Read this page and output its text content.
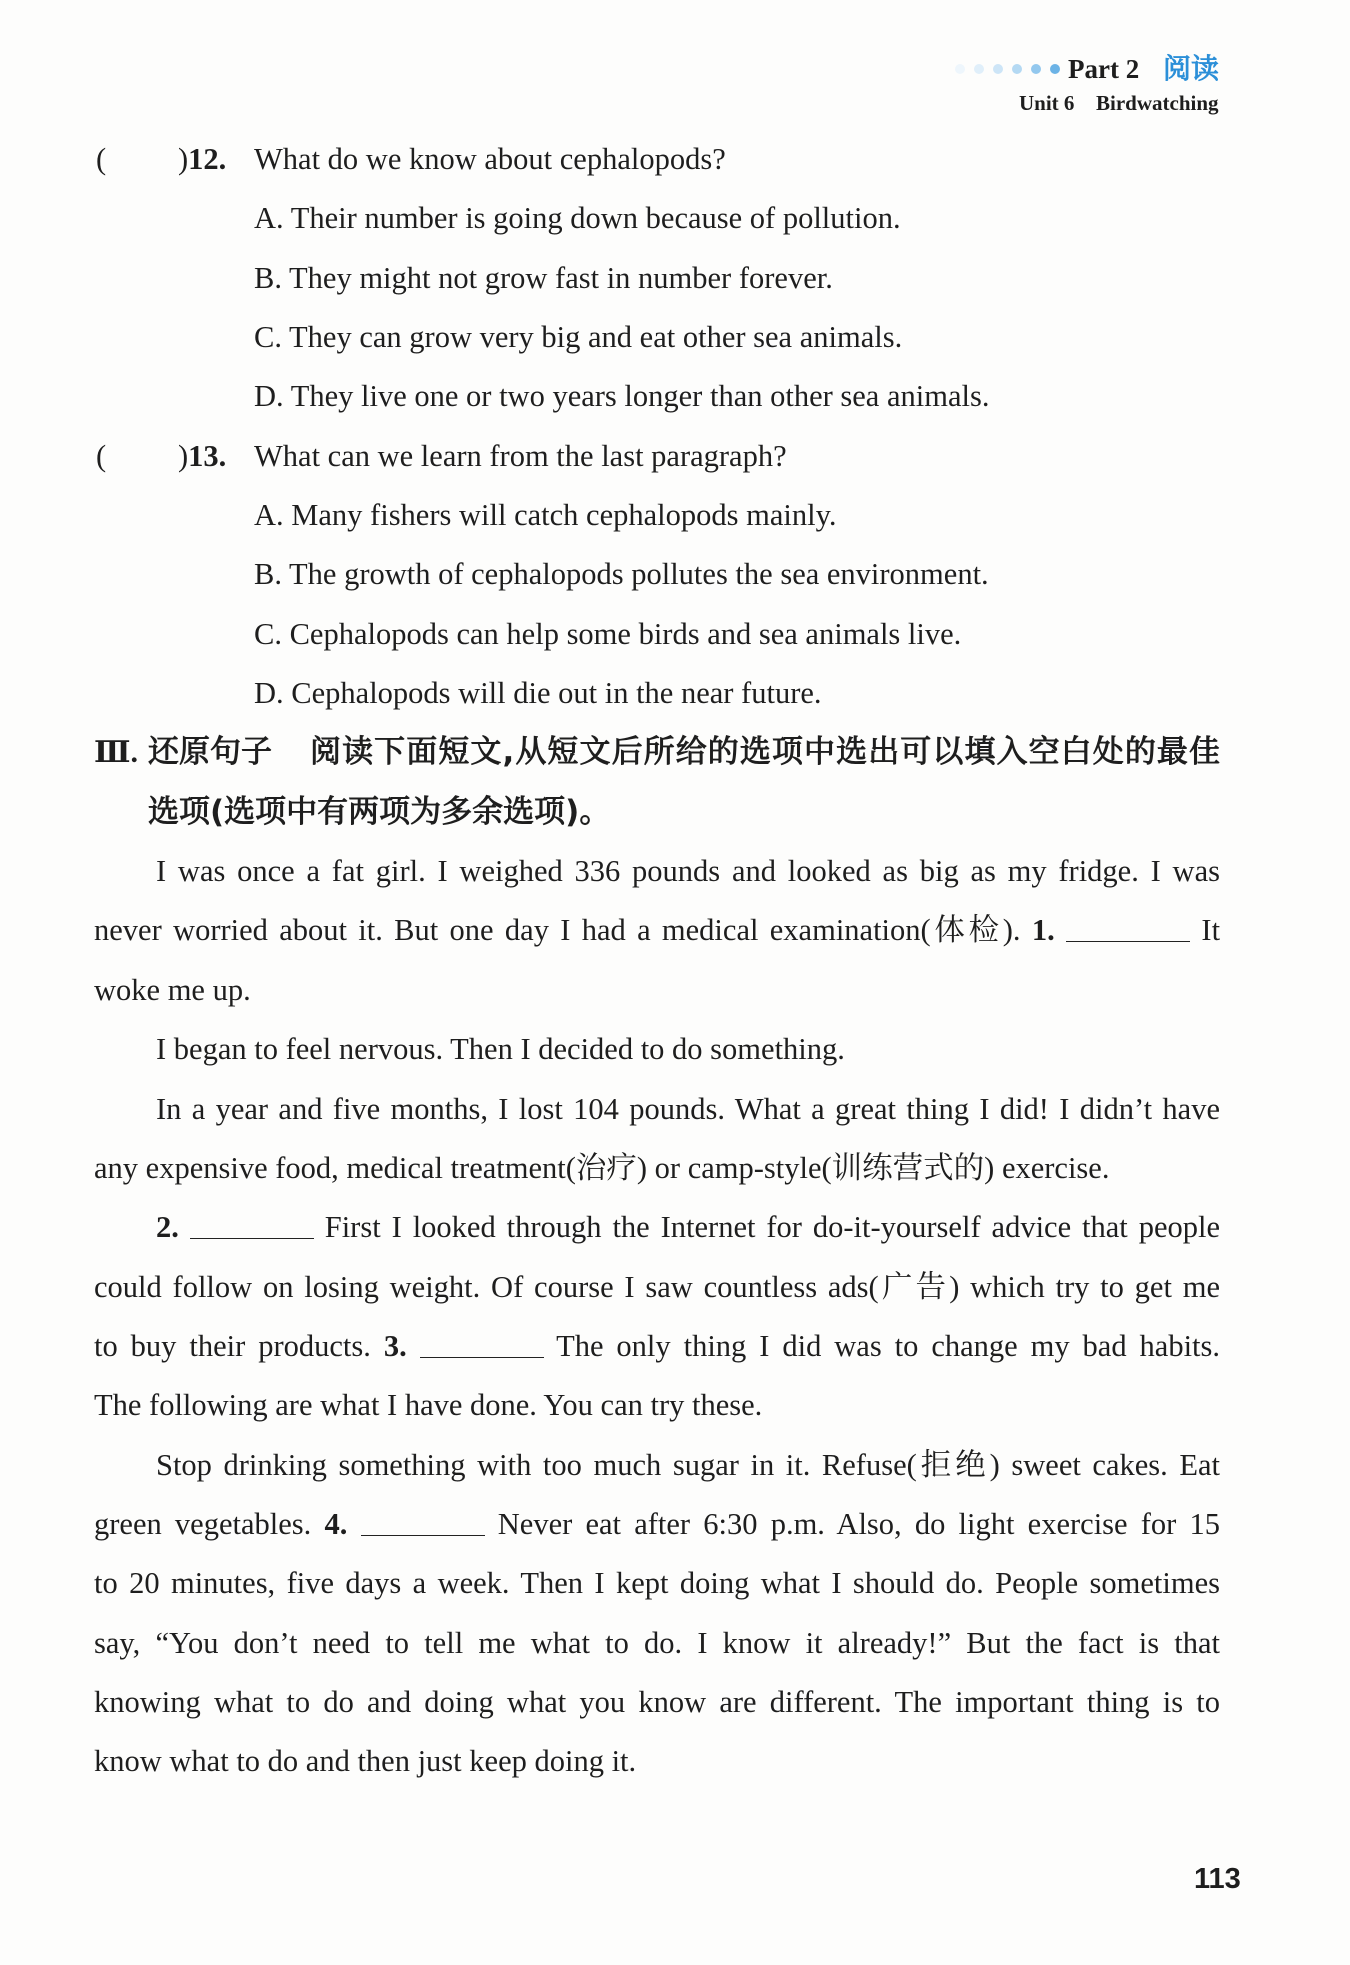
Part 2 阅读
Unit 6 Birdwatching
( )12. What do we know about cephalopods?
A. Their number is going down because of pollution.
B. They might not grow fast in number forever.
C. They can grow very big and eat other sea animals.
D. They live one or two years longer than other sea animals.
( )13. What can we learn from the last paragraph?
A. Many fishers will catch cephalopods mainly.
B. The growth of cephalopods pollutes the sea environment.
C. Cephalopods can help some birds and sea animals live.
D. Cephalopods will die out in the near future.
Ⅲ. 还原句子 阅读下面短文,从短文后所给的选项中选出可以填入空白处的最佳
选项(选项中有两项为多余选项)。
I was once a fat girl. I weighed 336 pounds and looked as big as my fridge. I was
never worried about it. But one day I had a medical examination(体检). 1.	It
woke me up.
I began to feel nervous. Then I decided to do something.
In a year and five months, I lost 104 pounds. What a great thing I did! I didn’t have
any expensive food, medical treatment(治疗) or camp-style(训练营式的) exercise.
2.	First I looked through the Internet for do-it-yourself advice that people
could follow on losing weight. Of course I saw countless ads(广告) which try to get me
to buy their products. 3.	The only thing I did was to change my bad habits.
The following are what I have done. You can try these.
Stop drinking something with too much sugar in it. Refuse(拒绝) sweet cakes. Eat
green vegetables. 4.	Never eat after 6:30 p.m. Also, do light exercise for 15
to 20 minutes, five days a week. Then I kept doing what I should do. People sometimes
say, “You don’t need to tell me what to do. I know it already!” But the fact is that
knowing what to do and doing what you know are different. The important thing is to
know what to do and then just keep doing it.
113
